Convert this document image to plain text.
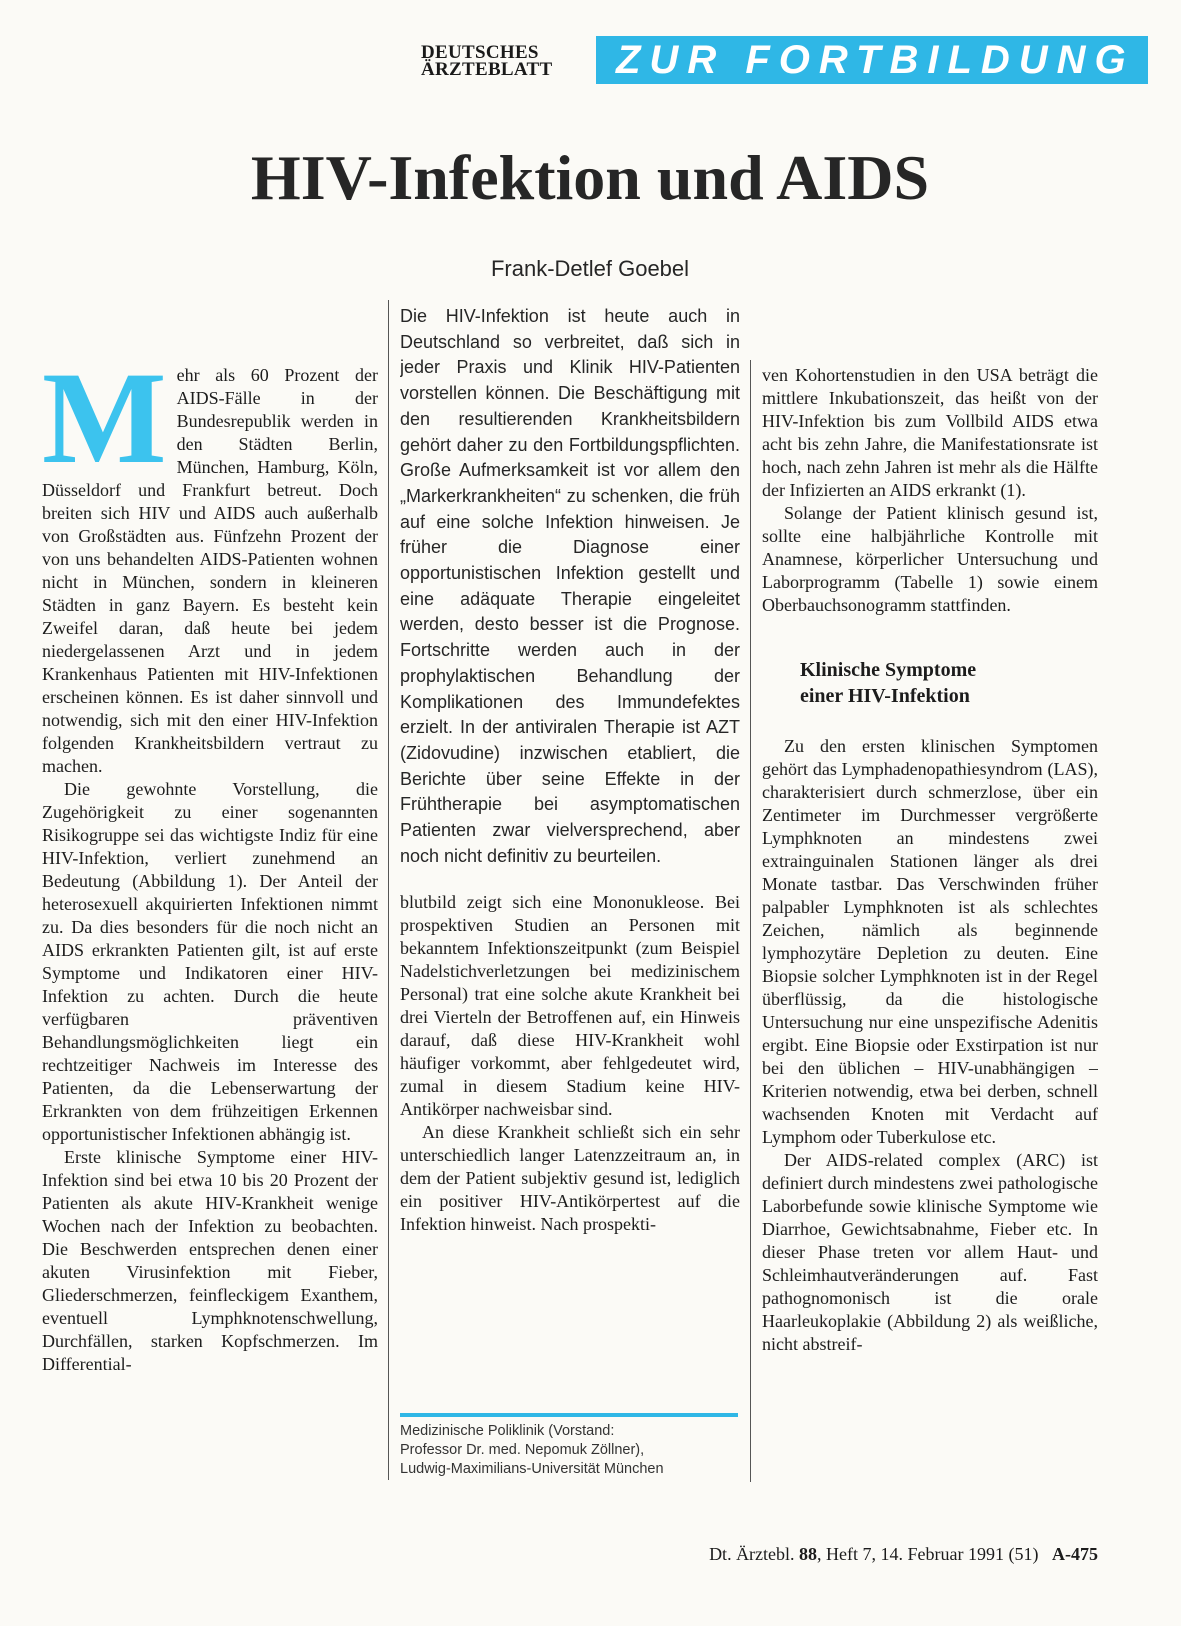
DEUTSCHES
ÄRZTEBLATT	ZUR FORTBILDUNG
HIV-Infektion und AIDS
Frank-Detlef Goebel
M ehr als 60 Prozent der AIDS-Fälle in der Bundesrepublik werden in den Städten Berlin, München, Hamburg, Köln, Düsseldorf und Frankfurt betreut. Doch breiten sich HIV und AIDS auch außerhalb von Großstädten aus. Fünfzehn Prozent der von uns behandelten AIDS-Patienten wohnen nicht in München, sondern in kleineren Städten in ganz Bayern. Es besteht kein Zweifel daran, daß heute bei jedem niedergelassenen Arzt und in jedem Krankenhaus Patienten mit HIV-Infektionen erscheinen können. Es ist daher sinnvoll und notwendig, sich mit den einer HIV-Infektion folgenden Krankheitsbildern vertraut zu machen.

Die gewohnte Vorstellung, die Zugehörigkeit zu einer sogenannten Risikogruppe sei das wichtigste Indiz für eine HIV-Infektion, verliert zunehmend an Bedeutung (Abbildung 1). Der Anteil der heterosexuell akquirierten Infektionen nimmt zu. Da dies besonders für die noch nicht an AIDS erkrankten Patienten gilt, ist auf erste Symptome und Indikatoren einer HIV-Infektion zu achten. Durch die heute verfügbaren präventiven Behandlungsmöglichkeiten liegt ein rechtzeitiger Nachweis im Interesse des Patienten, da die Lebenserwartung der Erkrankten von dem frühzeitigen Erkennen opportunistischer Infektionen abhängig ist.

Erste klinische Symptome einer HIV-Infektion sind bei etwa 10 bis 20 Prozent der Patienten als akute HIV-Krankheit wenige Wochen nach der Infektion zu beobachten. Die Beschwerden entsprechen denen einer akuten Virusinfektion mit Fieber, Gliederschmerzen, feinfleckigem Exanthem, eventuell Lymphknotenschwellung, Durchfällen, starken Kopfschmerzen. Im Differential-

Die HIV-Infektion ist heute auch in Deutschland so verbreitet, daß sich in jeder Praxis und Klinik HIV-Patienten vorstellen können. Die Beschäftigung mit den resultierenden Krankheitsbildern gehört daher zu den Fortbildungspflichten. Große Aufmerksamkeit ist vor allem den „Markerkrankheiten“ zu schenken, die früh auf eine solche Infektion hinweisen. Je früher die Diagnose einer opportunistischen Infektion gestellt und eine adäquate Therapie eingeleitet werden, desto besser ist die Prognose. Fortschritte werden auch in der prophylaktischen Behandlung der Komplikationen des Immundefektes erzielt. In der antiviralen Therapie ist AZT (Zidovudine) inzwischen etabliert, die Berichte über seine Effekte in der Frühtherapie bei asymptomatischen Patienten zwar vielversprechend, aber noch nicht definitiv zu beurteilen.

blutbild zeigt sich eine Mononukleose. Bei prospektiven Studien an Personen mit bekanntem Infektionszeitpunkt (zum Beispiel Nadelstichverletzungen bei medizinischem Personal) trat eine solche akute Krankheit bei drei Vierteln der Betroffenen auf, ein Hinweis darauf, daß diese HIV-Krankheit wohl häufiger vorkommt, aber fehlgedeutet wird, zumal in diesem Stadium keine HIV-Antikörper nachweisbar sind.

An diese Krankheit schließt sich ein sehr unterschiedlich langer Latenzzeitraum an, in dem der Patient subjektiv gesund ist, lediglich ein positiver HIV-Antikörpertest auf die Infektion hinweist. Nach prospekti-

ven Kohortenstudien in den USA beträgt die mittlere Inkubationszeit, das heißt von der HIV-Infektion bis zum Vollbild AIDS etwa acht bis zehn Jahre, die Manifestationsrate ist hoch, nach zehn Jahren ist mehr als die Hälfte der Infizierten an AIDS erkrankt (1).

Solange der Patient klinisch gesund ist, sollte eine halbjährliche Kontrolle mit Anamnese, körperlicher Untersuchung und Laborprogramm (Tabelle 1) sowie einem Oberbauchsonogramm stattfinden.

Klinische Symptome
einer HIV-Infektion

Zu den ersten klinischen Symptomen gehört das Lymphadenopathiesyndrom (LAS), charakterisiert durch schmerzlose, über ein Zentimeter im Durchmesser vergrößerte Lymphknoten an mindestens zwei extrainguinalen Stationen länger als drei Monate tastbar. Das Verschwinden früher palpabler Lymphknoten ist als schlechtes Zeichen, nämlich als beginnende lymphozytäre Depletion zu deuten. Eine Biopsie solcher Lymphknoten ist in der Regel überflüssig, da die histologische Untersuchung nur eine unspezifische Adenitis ergibt. Eine Biopsie oder Exstirpation ist nur bei den üblichen – HIV-unabhängigen – Kriterien notwendig, etwa bei derben, schnell wachsenden Knoten mit Verdacht auf Lymphom oder Tuberkulose etc.

Der AIDS-related complex (ARC) ist definiert durch mindestens zwei pathologische Laborbefunde sowie klinische Symptome wie Diarrhoe, Gewichtsabnahme, Fieber etc. In dieser Phase treten vor allem Haut- und Schleimhautveränderungen auf. Fast pathognomonisch ist die orale Haarleukoplakie (Abbildung 2) als weißliche, nicht abstreif-

Medizinische Poliklinik (Vorstand:
Professor Dr. med. Nepomuk Zöllner),
Ludwig-Maximilians-Universität München
Dt. Ärztebl. 88, Heft 7, 14. Februar 1991 (51) A-475
